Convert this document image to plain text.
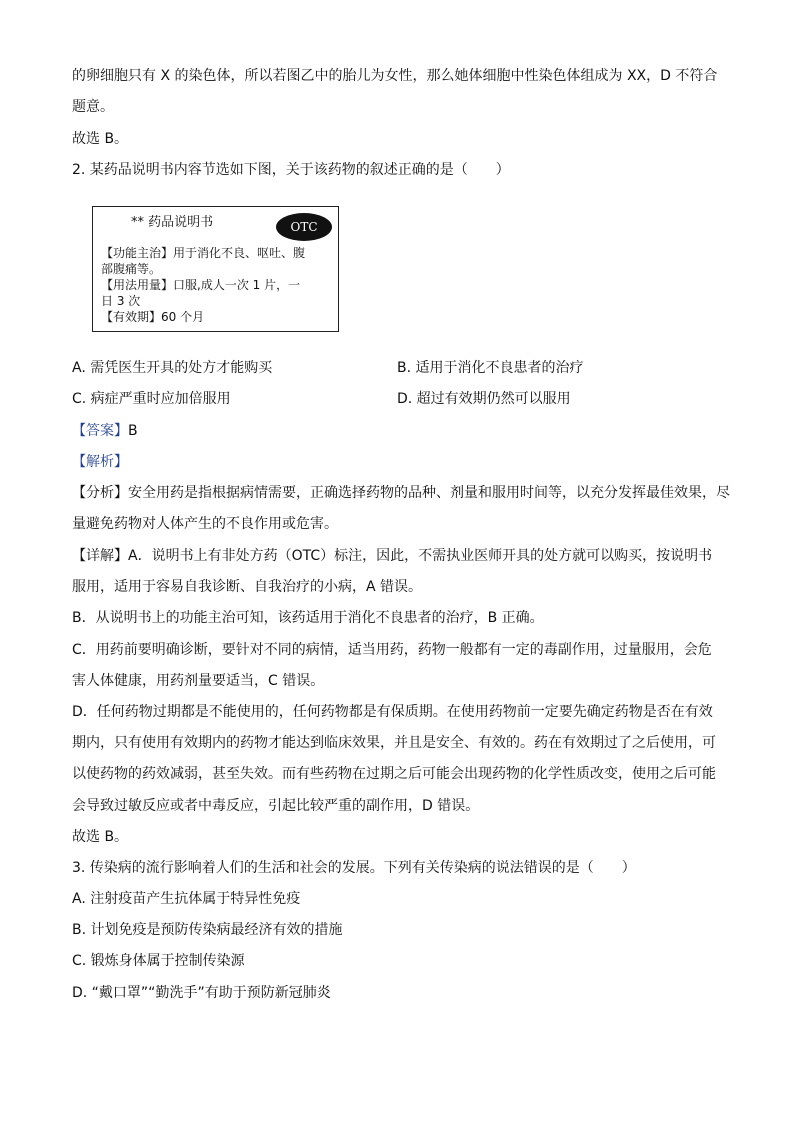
的卵细胞只有 X 的染色体，所以若图乙中的胎儿为女性，那么她体细胞中性染色体组成为 XX，D 不符合
题意。
故选 B。
2. 某药品说明书内容节选如下图，关于该药物的叙述正确的是（　　）
** 药品说明书	OTC
【功能主治】用于消化不良、呕吐、腹
部腹痛等。
【用法用量】口服,成人一次 1 片，一
日 3 次
【有效期】60 个月
A. 需凭医生开具的处方才能购买	B. 适用于消化不良患者的治疗
C. 病症严重时应加倍服用	D. 超过有效期仍然可以服用
【答案】B
【解析】
【分析】安全用药是指根据病情需要，正确选择药物的品种、剂量和服用时间等，以充分发挥最佳效果，尽
量避免药物对人体产生的不良作用或危害。
【详解】A．说明书上有非处方药（OTC）标注，因此，不需执业医师开具的处方就可以购买，按说明书
服用，适用于容易自我诊断、自我治疗的小病，A 错误。
B．从说明书上的功能主治可知，该药适用于消化不良患者的治疗，B 正确。
C．用药前要明确诊断，要针对不同的病情，适当用药，药物一般都有一定的毒副作用，过量服用，会危
害人体健康，用药剂量要适当，C 错误。
D．任何药物过期都是不能使用的，任何药物都是有保质期。在使用药物前一定要先确定药物是否在有效
期内，只有使用有效期内的药物才能达到临床效果，并且是安全、有效的。药在有效期过了之后使用，可
以使药物的药效减弱，甚至失效。而有些药物在过期之后可能会出现药物的化学性质改变，使用之后可能
会导致过敏反应或者中毒反应，引起比较严重的副作用，D 错误。
故选 B。
3. 传染病的流行影响着人们的生活和社会的发展。下列有关传染病的说法错误的是（　　）
A. 注射疫苗产生抗体属于特异性免疫
B. 计划免疫是预防传染病最经济有效的措施
C. 锻炼身体属于控制传染源
D. “戴口罩”“勤洗手”有助于预防新冠肺炎
